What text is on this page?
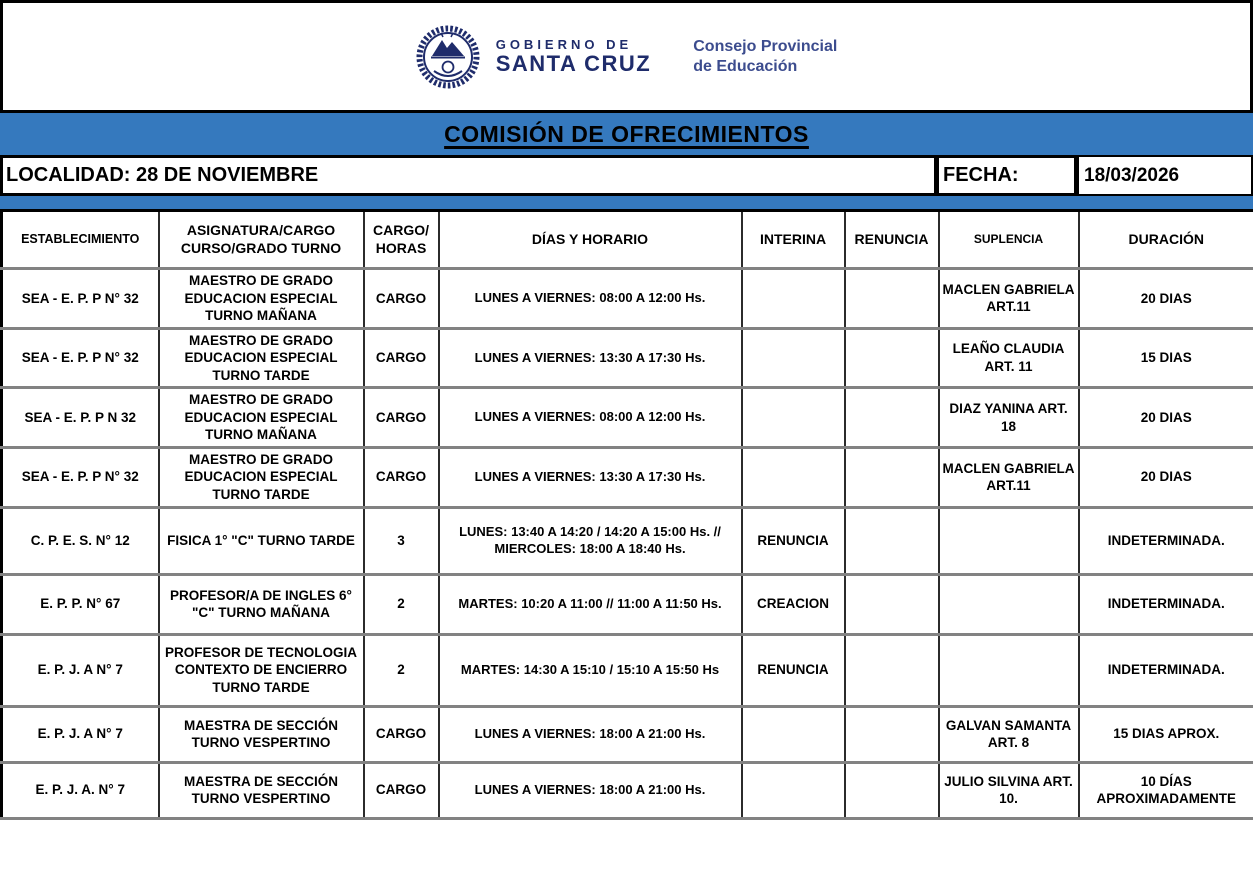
GOBIERNO DE
SANTA CRUZ
Consejo Provincial
de Educación
COMISIÓN DE OFRECIMIENTOS
LOCALIDAD: 28 DE NOVIEMBRE	FECHA:	18/03/2026
ESTABLECIMIENTO	ASIGNATURA/CARGO CURSO/GRADO TURNO	CARGO/ HORAS	DÍAS Y HORARIO	INTERINA	RENUNCIA	SUPLENCIA	DURACIÓN
SEA - E. P. P N° 32	MAESTRO DE GRADO EDUCACION ESPECIAL TURNO MAÑANA	CARGO	LUNES A VIERNES: 08:00 A 12:00 Hs.			MACLEN GABRIELA ART.11	20 DIAS
SEA - E. P. P N° 32	MAESTRO DE GRADO EDUCACION ESPECIAL TURNO TARDE	CARGO	LUNES A VIERNES: 13:30 A 17:30 Hs.			LEAÑO CLAUDIA ART. 11	15 DIAS
SEA - E. P. P N 32	MAESTRO DE GRADO EDUCACION ESPECIAL TURNO MAÑANA	CARGO	LUNES A VIERNES: 08:00 A 12:00 Hs.			DIAZ YANINA ART. 18	20 DIAS
SEA - E. P. P N° 32	MAESTRO DE GRADO EDUCACION ESPECIAL TURNO TARDE	CARGO	LUNES A VIERNES: 13:30 A 17:30 Hs.			MACLEN GABRIELA ART.11	20 DIAS
C. P. E. S. N° 12	FISICA 1° "C" TURNO TARDE	3	LUNES: 13:40 A 14:20 / 14:20 A 15:00 Hs. // MIERCOLES: 18:00 A 18:40 Hs.	RENUNCIA			INDETERMINADA.
E. P. P. N° 67	PROFESOR/A DE INGLES 6° "C" TURNO MAÑANA	2	MARTES: 10:20 A 11:00 // 11:00 A 11:50 Hs.	CREACION			INDETERMINADA.
E. P. J. A N° 7	PROFESOR DE TECNOLOGIA CONTEXTO DE ENCIERRO TURNO TARDE	2	MARTES: 14:30 A 15:10 / 15:10 A 15:50 Hs	RENUNCIA			INDETERMINADA.
E. P. J. A N° 7	MAESTRA DE SECCIÓN TURNO VESPERTINO	CARGO	LUNES A VIERNES: 18:00 A 21:00 Hs.			GALVAN SAMANTA ART. 8	15 DIAS APROX.
E. P. J. A. N° 7	MAESTRA DE SECCIÓN TURNO VESPERTINO	CARGO	LUNES A VIERNES: 18:00 A 21:00 Hs.			JULIO SILVINA ART. 10.	10 DÍAS APROXIMADAMENTE
